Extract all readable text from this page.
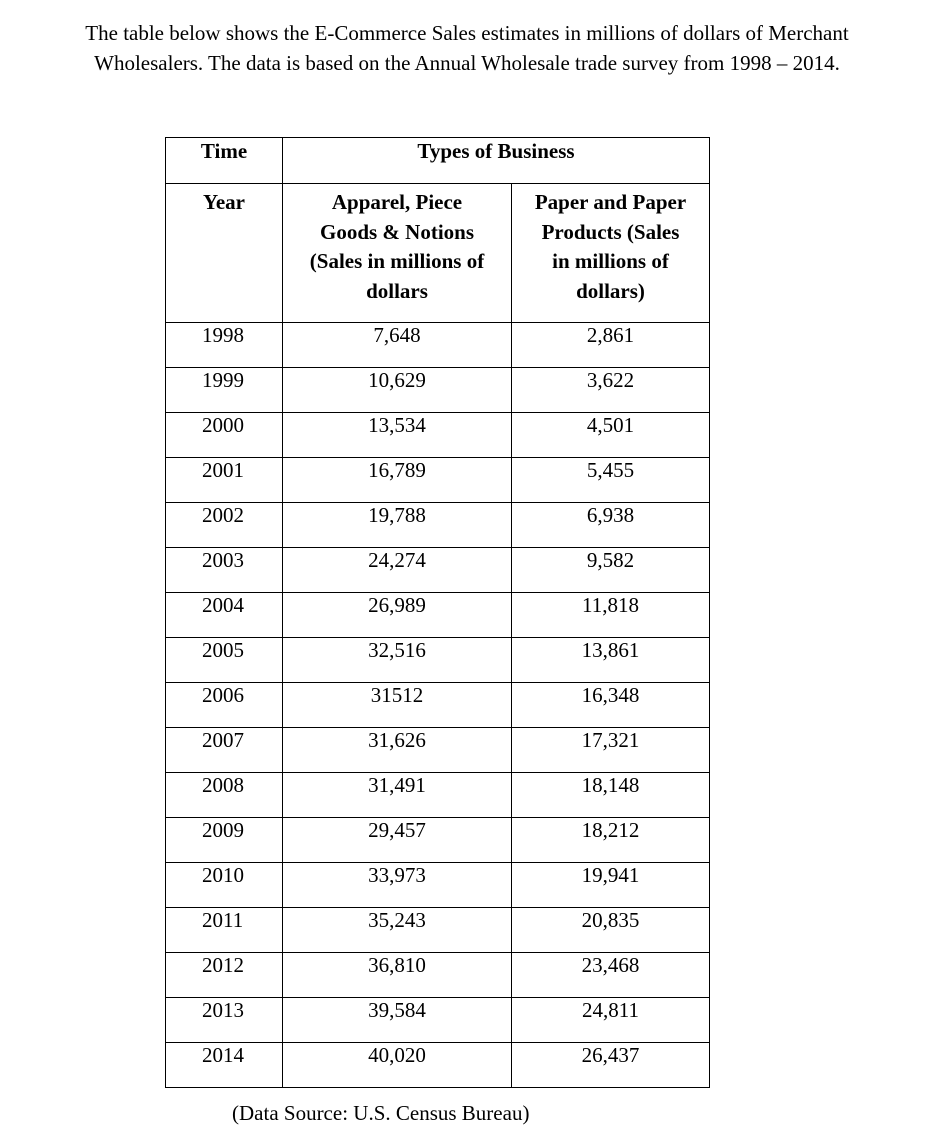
The table below shows the E-Commerce Sales estimates in millions of dollars of Merchant
Wholesalers. The data is based on the Annual Wholesale trade survey from 1998 – 2014.
Time	Types of Business	
Year	Apparel, Piece
Goods & Notions
(Sales in millions of
dollars	Paper and Paper
Products (Sales
in millions of
dollars)

1998	7,648	2,861
1999	10,629	3,622
2000	13,534	4,501
2001	16,789	5,455
2002	19,788	6,938
2003	24,274	9,582
2004	26,989	11,818
2005	32,516	13,861
2006	31512	16,348
2007	31,626	17,321
2008	31,491	18,148
2009	29,457	18,212
2010	33,973	19,941
2011	35,243	20,835
2012	36,810	23,468
2013	39,584	24,811
2014	40,020	26,437
(Data Source: U.S. Census Bureau)
